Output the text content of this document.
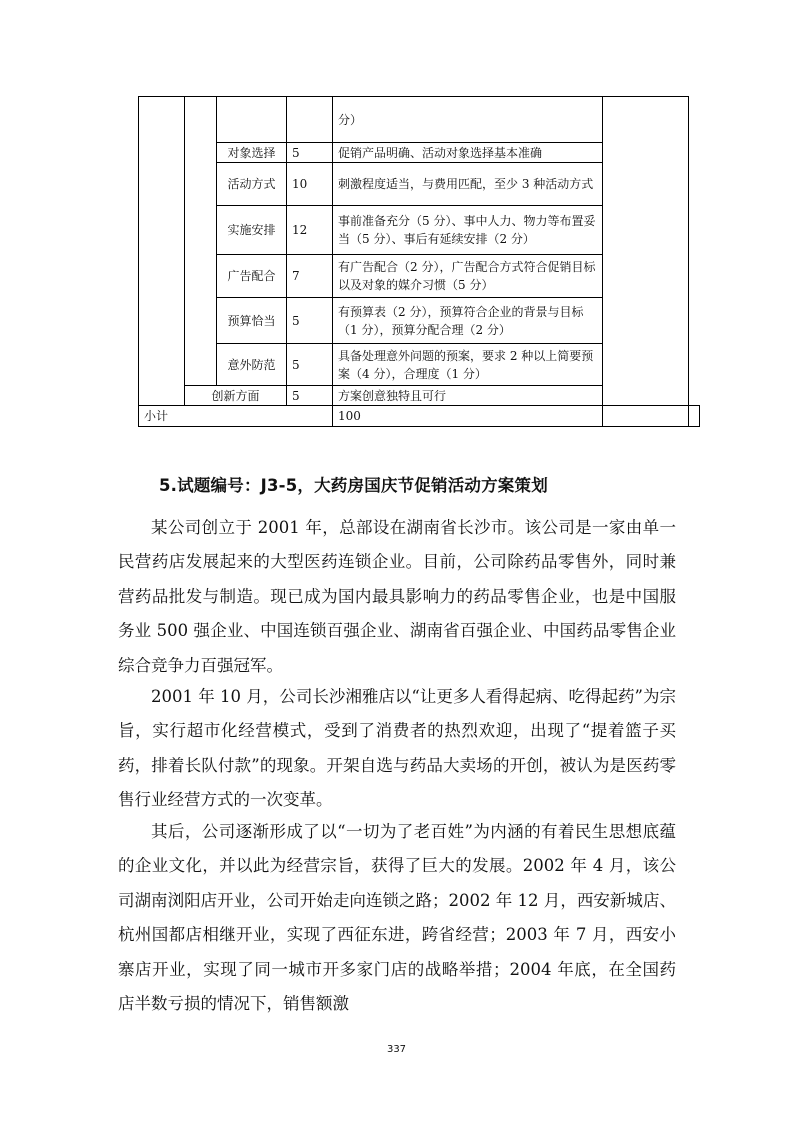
				分）		
		对象选择	5	促销产品明确、活动对象选择基本准确		
		活动方式	10	刺激程度适当，与费用匹配，至少 3 种活动方式		
		实施安排	12	事前准备充分（5 分）、事中人力、物力等布置妥当（5 分）、事后有延续安排（2 分）		
		广告配合	7	有广告配合（2 分），广告配合方式符合促销目标以及对象的媒介习惯（5 分）		
		预算恰当	5	有预算表（2 分），预算符合企业的背景与目标（1 分），预算分配合理（2 分）		
		意外防范	5	具备处理意外问题的预案，要求 2 种以上简要预案（4 分），合理度（1 分）		
	创新方面		5	方案创意独特且可行		
小计				100		
5.试题编号：J3-5，大药房国庆节促销活动方案策划

某公司创立于 2001 年，总部设在湖南省长沙市。该公司是一家由单一民营药店发展起来的大型医药连锁企业。目前，公司除药品零售外，同时兼营药品批发与制造。现已成为国内最具影响力的药品零售企业，也是中国服务业 500 强企业、中国连锁百强企业、湖南省百强企业、中国药品零售企业综合竞争力百强冠军。

2001 年 10 月，公司长沙湘雅店以“让更多人看得起病、吃得起药”为宗旨，实行超市化经营模式，受到了消费者的热烈欢迎，出现了“提着篮子买药，排着长队付款”的现象。开架自选与药品大卖场的开创，被认为是医药零售行业经营方式的一次变革。

其后，公司逐渐形成了以“一切为了老百姓”为内涵的有着民生思想底蕴的企业文化，并以此为经营宗旨，获得了巨大的发展。2002 年 4 月，该公司湖南浏阳店开业，公司开始走向连锁之路；2002 年 12 月，西安新城店、杭州国都店相继开业，实现了西征东进，跨省经营；2003 年 7 月，西安小寨店开业，实现了同一城市开多家门店的战略举措；2004 年底，在全国药店半数亏损的情况下，销售额激

337
